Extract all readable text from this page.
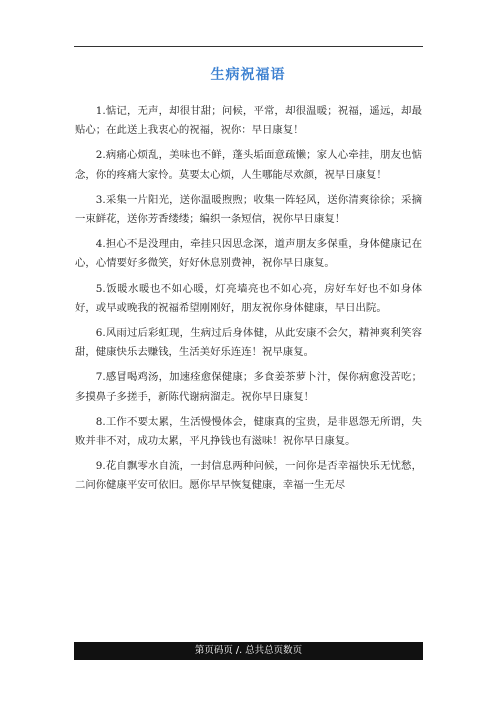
生病祝福语

1.惦记，无声，却很甘甜；问候，平常，却很温暖；祝福，遥远，却最贴心；在此送上我衷心的祝福，祝你：早日康复！

2.病痛心烦乱，美味也不鲜，蓬头垢面意疏懒；家人心牵挂，朋友也惦念，你的疼痛大家怜。莫要太心烦，人生哪能尽欢颜，祝早日康复！

3.采集一片阳光，送你温暖煦煦；收集一阵轻风，送你清爽徐徐；采摘一束鲜花，送你芳香缕缕；编织一条短信，祝你早日康复！

4.担心不是没理由，牵挂只因思念深，道声朋友多保重，身体健康记在心，心情要好多微笑，好好休息别费神，祝你早日康复。

5.饭暖水暖也不如心暖，灯亮墙亮也不如心亮，房好车好也不如身体好，或早或晚我的祝福希望刚刚好，朋友祝你身体健康，早日出院。

6.风雨过后彩虹现，生病过后身体健，从此安康不会欠，精神爽利笑容甜，健康快乐去赚钱，生活美好乐连连！祝早康复。

7.感冒喝鸡汤，加速痊愈保健康；多食姜茶萝卜汁，保你病愈没苦吃；多摸鼻子多搓手，新陈代谢病溜走。祝你早日康复！

8.工作不要太累，生活慢慢体会，健康真的宝贵，是非恩怨无所谓，失败并非不对，成功太累，平凡挣钱也有滋味！祝你早日康复。

9.花自飘零水自流，一封信息两种问候，一问你是否幸福快乐无忧愁，二问你健康平安可依旧。愿你早早恢复健康，幸福一生无尽

第页码页 /. 总共总页数页
